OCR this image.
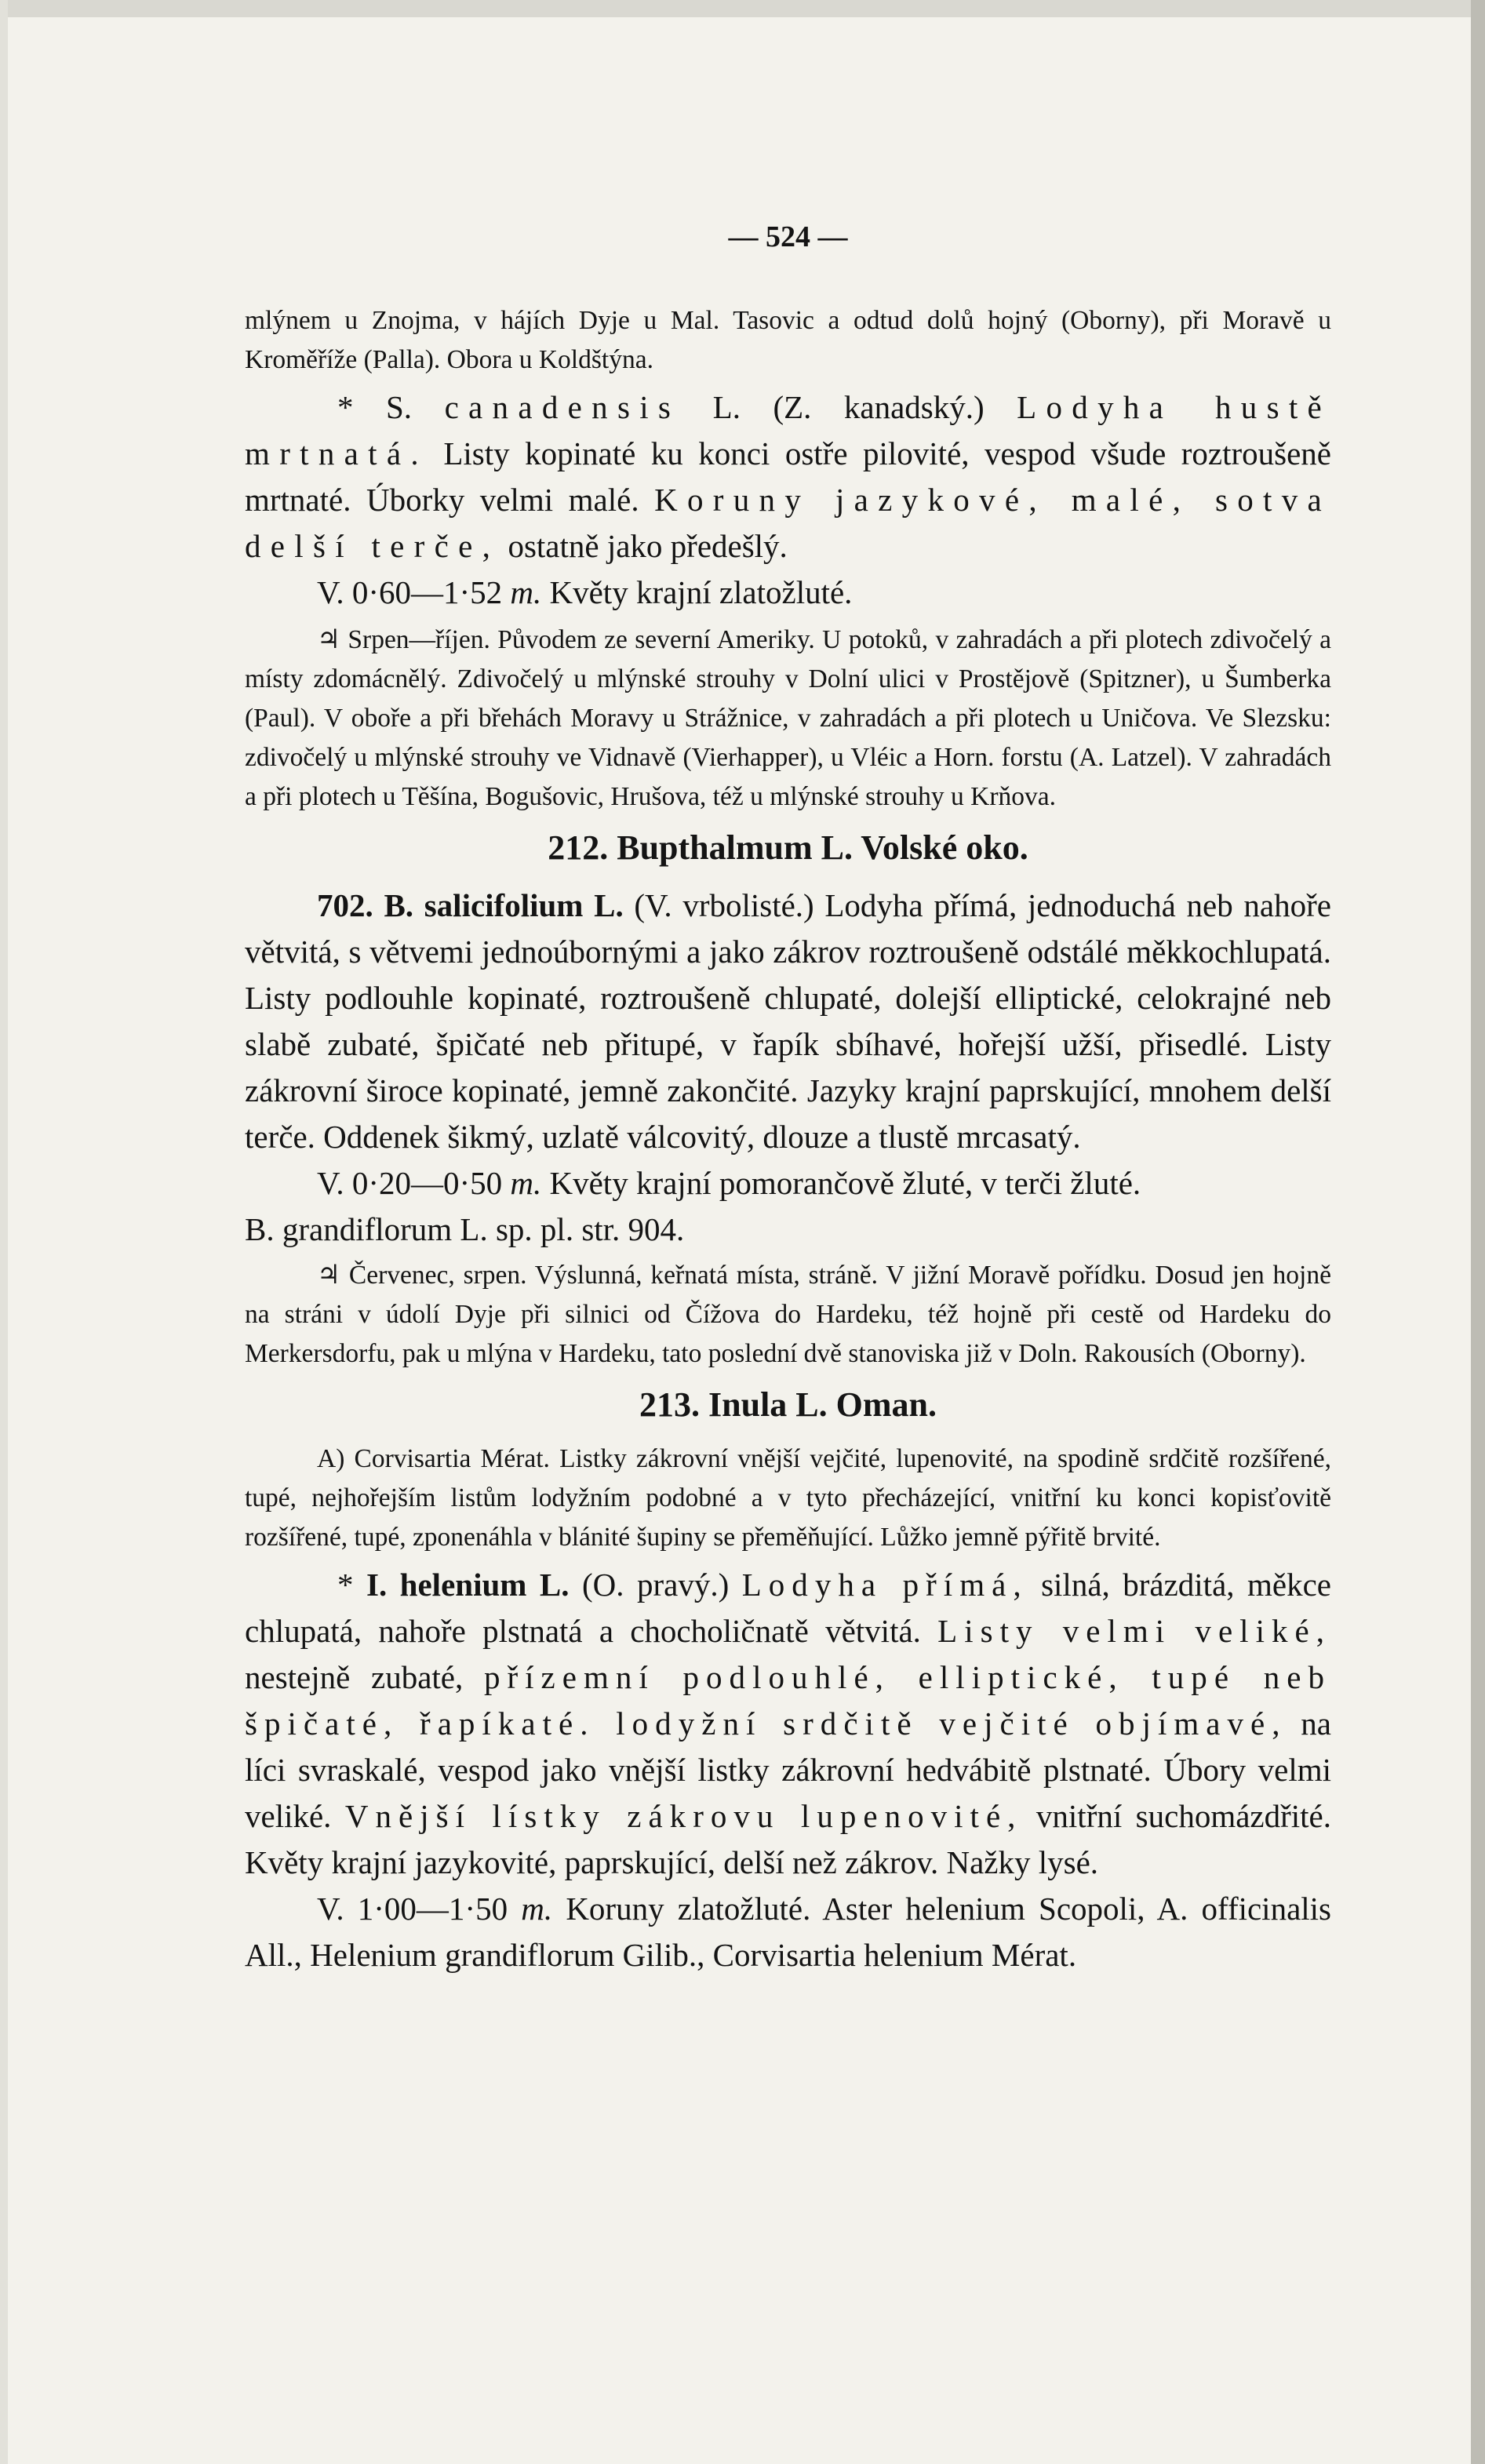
— 524 —

mlýnem u Znojma, v hájích Dyje u Mal. Tasovic a odtud dolů hojný (Oborny), při Moravě u Kroměříže (Palla). Obora u Koldštýna.

* S. canadensis L. (Z. kanadský.) Lodyha hustě mrtnatá. Listy kopinaté ku konci ostře pilovité, vespod všude roztroušeně mrtnaté. Úborky velmi malé. Koruny jazykové, malé, sotva delší terče, ostatně jako předešlý.

V. 0·60—1·52 m. Květy krajní zlatožluté.

♃ Srpen—říjen. Původem ze severní Ameriky. U potoků, v zahradách a při plotech zdivočelý a místy zdomácnělý. Zdivočelý u mlýnské strouhy v Dolní ulici v Prostějově (Spitzner), u Šumberka (Paul). V oboře a při břehách Moravy u Strážnice, v zahradách a při plotech u Uničova. Ve Slezsku: zdivočelý u mlýnské strouhy ve Vidnavě (Vierhapper), u Vléic a Horn. forstu (A. Latzel). V zahradách a při plotech u Těšína, Bogušovic, Hrušova, též u mlýnské strouhy u Krňova.

212. Bupthalmum L. Volské oko.

702. B. salicifolium L. (V. vrbolisté.) Lodyha přímá, jednoduchá neb nahoře větvitá, s větvemi jednoúbornými a jako zákrov roztroušeně odstálé měkkochlupatá. Listy podlouhle kopinaté, roztroušeně chlupaté, dolejší elliptické, celokrajné neb slabě zubaté, špičaté neb přitupé, v řapík sbíhavé, hořejší užší, přisedlé. Listy zákrovní široce kopinaté, jemně zakončité. Jazyky krajní paprskující, mnohem delší terče. Oddenek šikmý, uzlatě válcovitý, dlouze a tlustě mrcasatý.

V. 0·20—0·50 m. Květy krajní pomorančově žluté, v terči žluté.

B. grandiflorum L. sp. pl. str. 904.

♃ Červenec, srpen. Výslunná, keřnatá místa, stráně. V jižní Moravě pořídku. Dosud jen hojně na stráni v údolí Dyje při silnici od Čížova do Hardeku, též hojně při cestě od Hardeku do Merkersdorfu, pak u mlýna v Hardeku, tato poslední dvě stanoviska již v Doln. Rakousích (Oborny).

213. Inula L. Oman.

A) Corvisartia Mérat. Listky zákrovní vnější vejčité, lupenovité, na spodině srdčitě rozšířené, tupé, nejhořejším listům lodyžním podobné a v tyto přecházející, vnitřní ku konci kopisťovitě rozšířené, tupé, zponenáhla v blánité šupiny se přeměňující. Lůžko jemně pýřitě brvité.

* I. helenium L. (O. pravý.) Lodyha přímá, silná, brázditá, měkce chlupatá, nahoře plstnatá a chocholičnatě větvitá. Listy velmi veliké, nestejně zubaté, přízemní podlouhlé, elliptické, tupé neb špičaté, řapíkaté. lodyžní srdčitě vejčité objímavé, na líci svraskalé, vespod jako vnější listky zákrovní hedvábitě plstnaté. Úbory velmi veliké. Vnější lístky zákrovu lupenovité, vnitřní suchomázdřité. Květy krajní jazykovité, paprskující, delší než zákrov. Nažky lysé.

V. 1·00—1·50 m. Koruny zlatožluté. Aster helenium Scopoli, A. officinalis All., Helenium grandiflorum Gilib., Corvisartia helenium Mérat.
